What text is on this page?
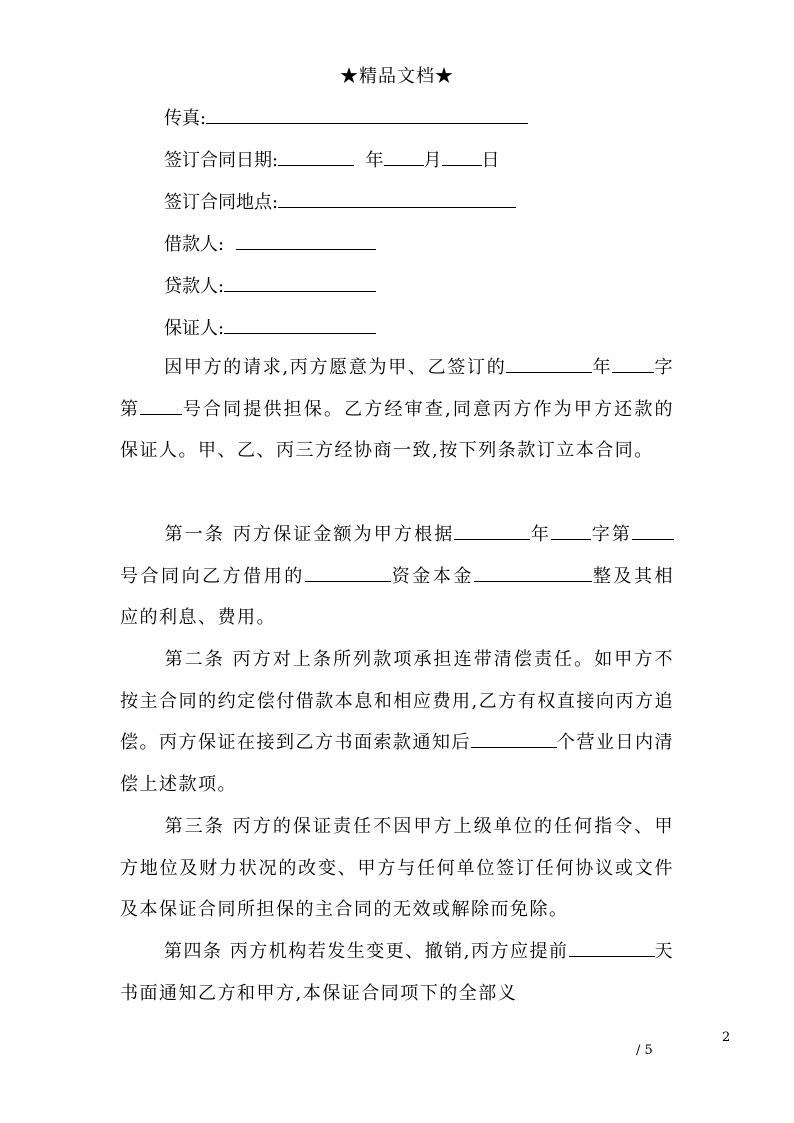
★精品文档★
传真:
签订合同日期:	年 月 日
签订合同地点:
借款人:
贷款人:
保证人:
因甲方的请求,丙方愿意为甲、乙签订的	年 字第 号合同提供担保。乙方经审查,同意丙方作为甲方还款的保证人。甲、乙、丙三方经协商一致,按下列条款订立本合同。
第一条 丙方保证金额为甲方根据	年 字第号合同向乙方借用的	资金本金	整及其相应的利息、费用。
第二条 丙方对上条所列款项承担连带清偿责任。如甲方不按主合同的约定偿付借款本息和相应费用,乙方有权直接向丙方追偿。丙方保证在接到乙方书面索款通知后	个营业日内清偿上述款项。
第三条 丙方的保证责任不因甲方上级单位的任何指令、甲方地位及财力状况的改变、甲方与任何单位签订任何协议或文件及本保证合同所担保的主合同的无效或解除而免除。
第四条 丙方机构若发生变更、撤销,丙方应提前	天书面通知乙方和甲方,本保证合同项下的全部义
2
/ 5
